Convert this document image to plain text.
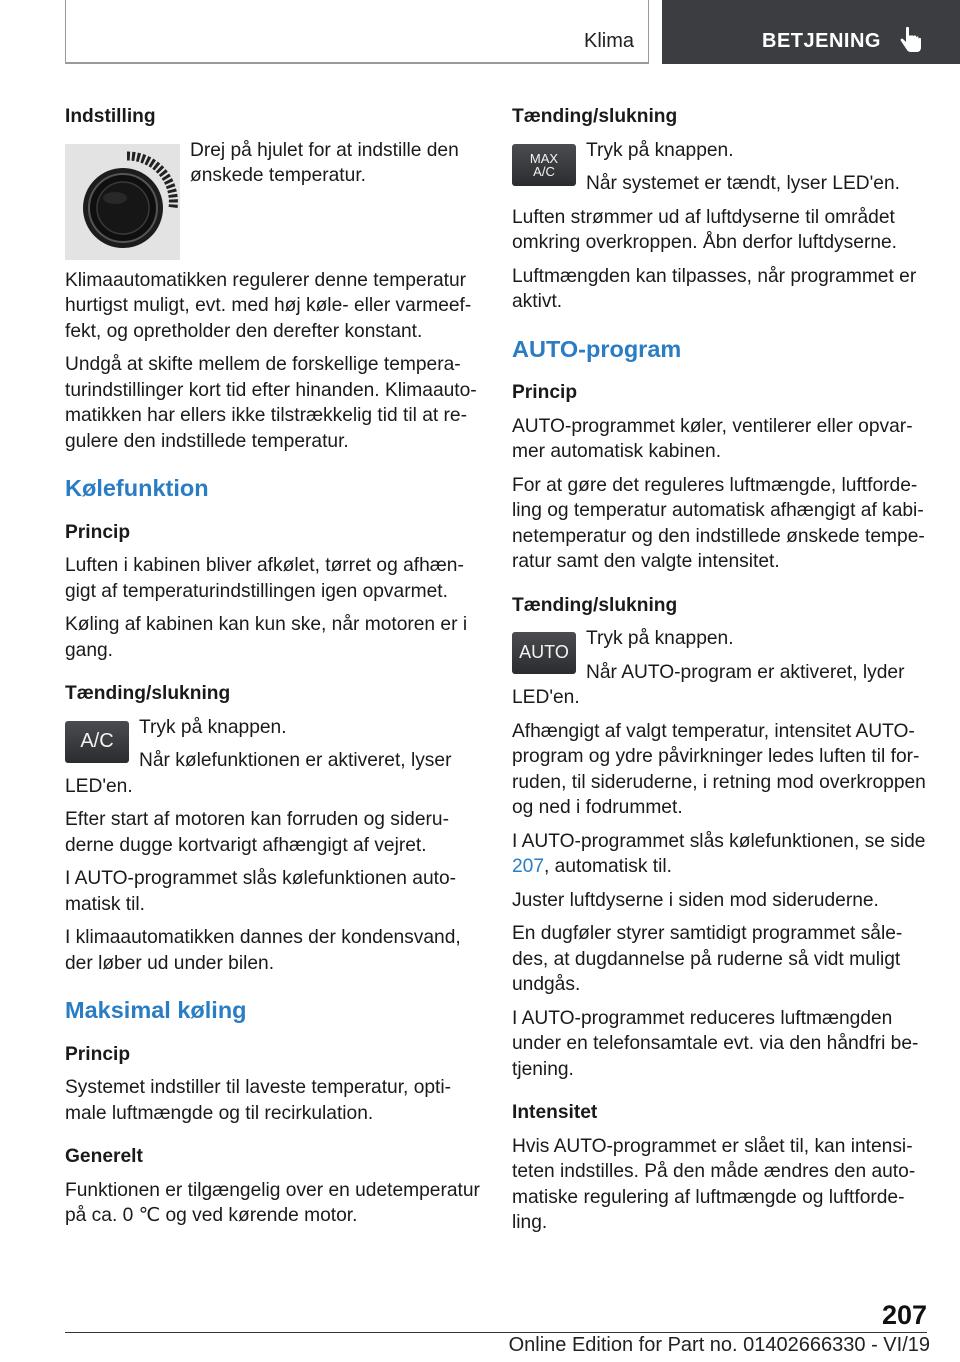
Klima	BETJENING
Indstilling

Drej på hjulet for at indstille den ønskede temperatur.

Klimaautomatikken regulerer denne temperatur hurtigst muligt, evt. med høj køle- eller varmeeffekt, og opretholder den derefter konstant.

Undgå at skifte mellem de forskellige temperaturindstillinger kort tid efter hinanden. Klimaautomatikken har ellers ikke tilstrækkelig tid til at regulere den indstillede temperatur.

Kølefunktion
Princip

Luften i kabinen bliver afkølet, tørret og afhængigt af temperaturindstillingen igen opvarmet.

Køling af kabinen kan kun ske, når motoren er i gang.

Tænding/slukning
A/C

Tryk på knappen.

Når kølefunktionen er aktiveret, lyser LED'en.

Efter start af motoren kan forruden og sideruderne dugge kortvarigt afhængigt af vejret.

I AUTO-programmet slås kølefunktionen automatisk til.

I klimaautomatikken dannes der kondensvand, der løber ud under bilen.

Maksimal køling
Princip

Systemet indstiller til laveste temperatur, optimale luftmængde og til recirkulation.

Generelt

Funktionen er tilgængelig over en udetemperatur på ca. 0 ℃ og ved kørende motor.

Tænding/slukning
MAX
A/C

Tryk på knappen.

Når systemet er tændt, lyser LED'en.

Luften strømmer ud af luftdyserne til området omkring overkroppen. Åbn derfor luftdyserne.

Luftmængden kan tilpasses, når programmet er aktivt.

AUTO-program
Princip

AUTO-programmet køler, ventilerer eller opvarmer automatisk kabinen.

For at gøre det reguleres luftmængde, luftfordeling og temperatur automatisk afhængigt af kabinetemperatur og den indstillede ønskede temperatur samt den valgte intensitet.

Tænding/slukning
AUTO

Tryk på knappen.

Når AUTO-program er aktiveret, lyder LED'en.

Afhængigt af valgt temperatur, intensitet AUTO-program og ydre påvirkninger ledes luften til forruden, til sideruderne, i retning mod overkroppen og ned i fodrummet.

I AUTO-programmet slås kølefunktionen, se side 207, automatisk til.

Juster luftdyserne i siden mod sideruderne.

En dugføler styrer samtidigt programmet således, at dugdannelse på ruderne så vidt muligt undgås.

I AUTO-programmet reduceres luftmængden under en telefonsamtale evt. via den håndfri betjening.

Intensitet

Hvis AUTO-programmet er slået til, kan intensiteten indstilles. På den måde ændres den automatiske regulering af luftmængde og luftfordeling.

207
Online Edition for Part no. 01402666330 - VI/19
